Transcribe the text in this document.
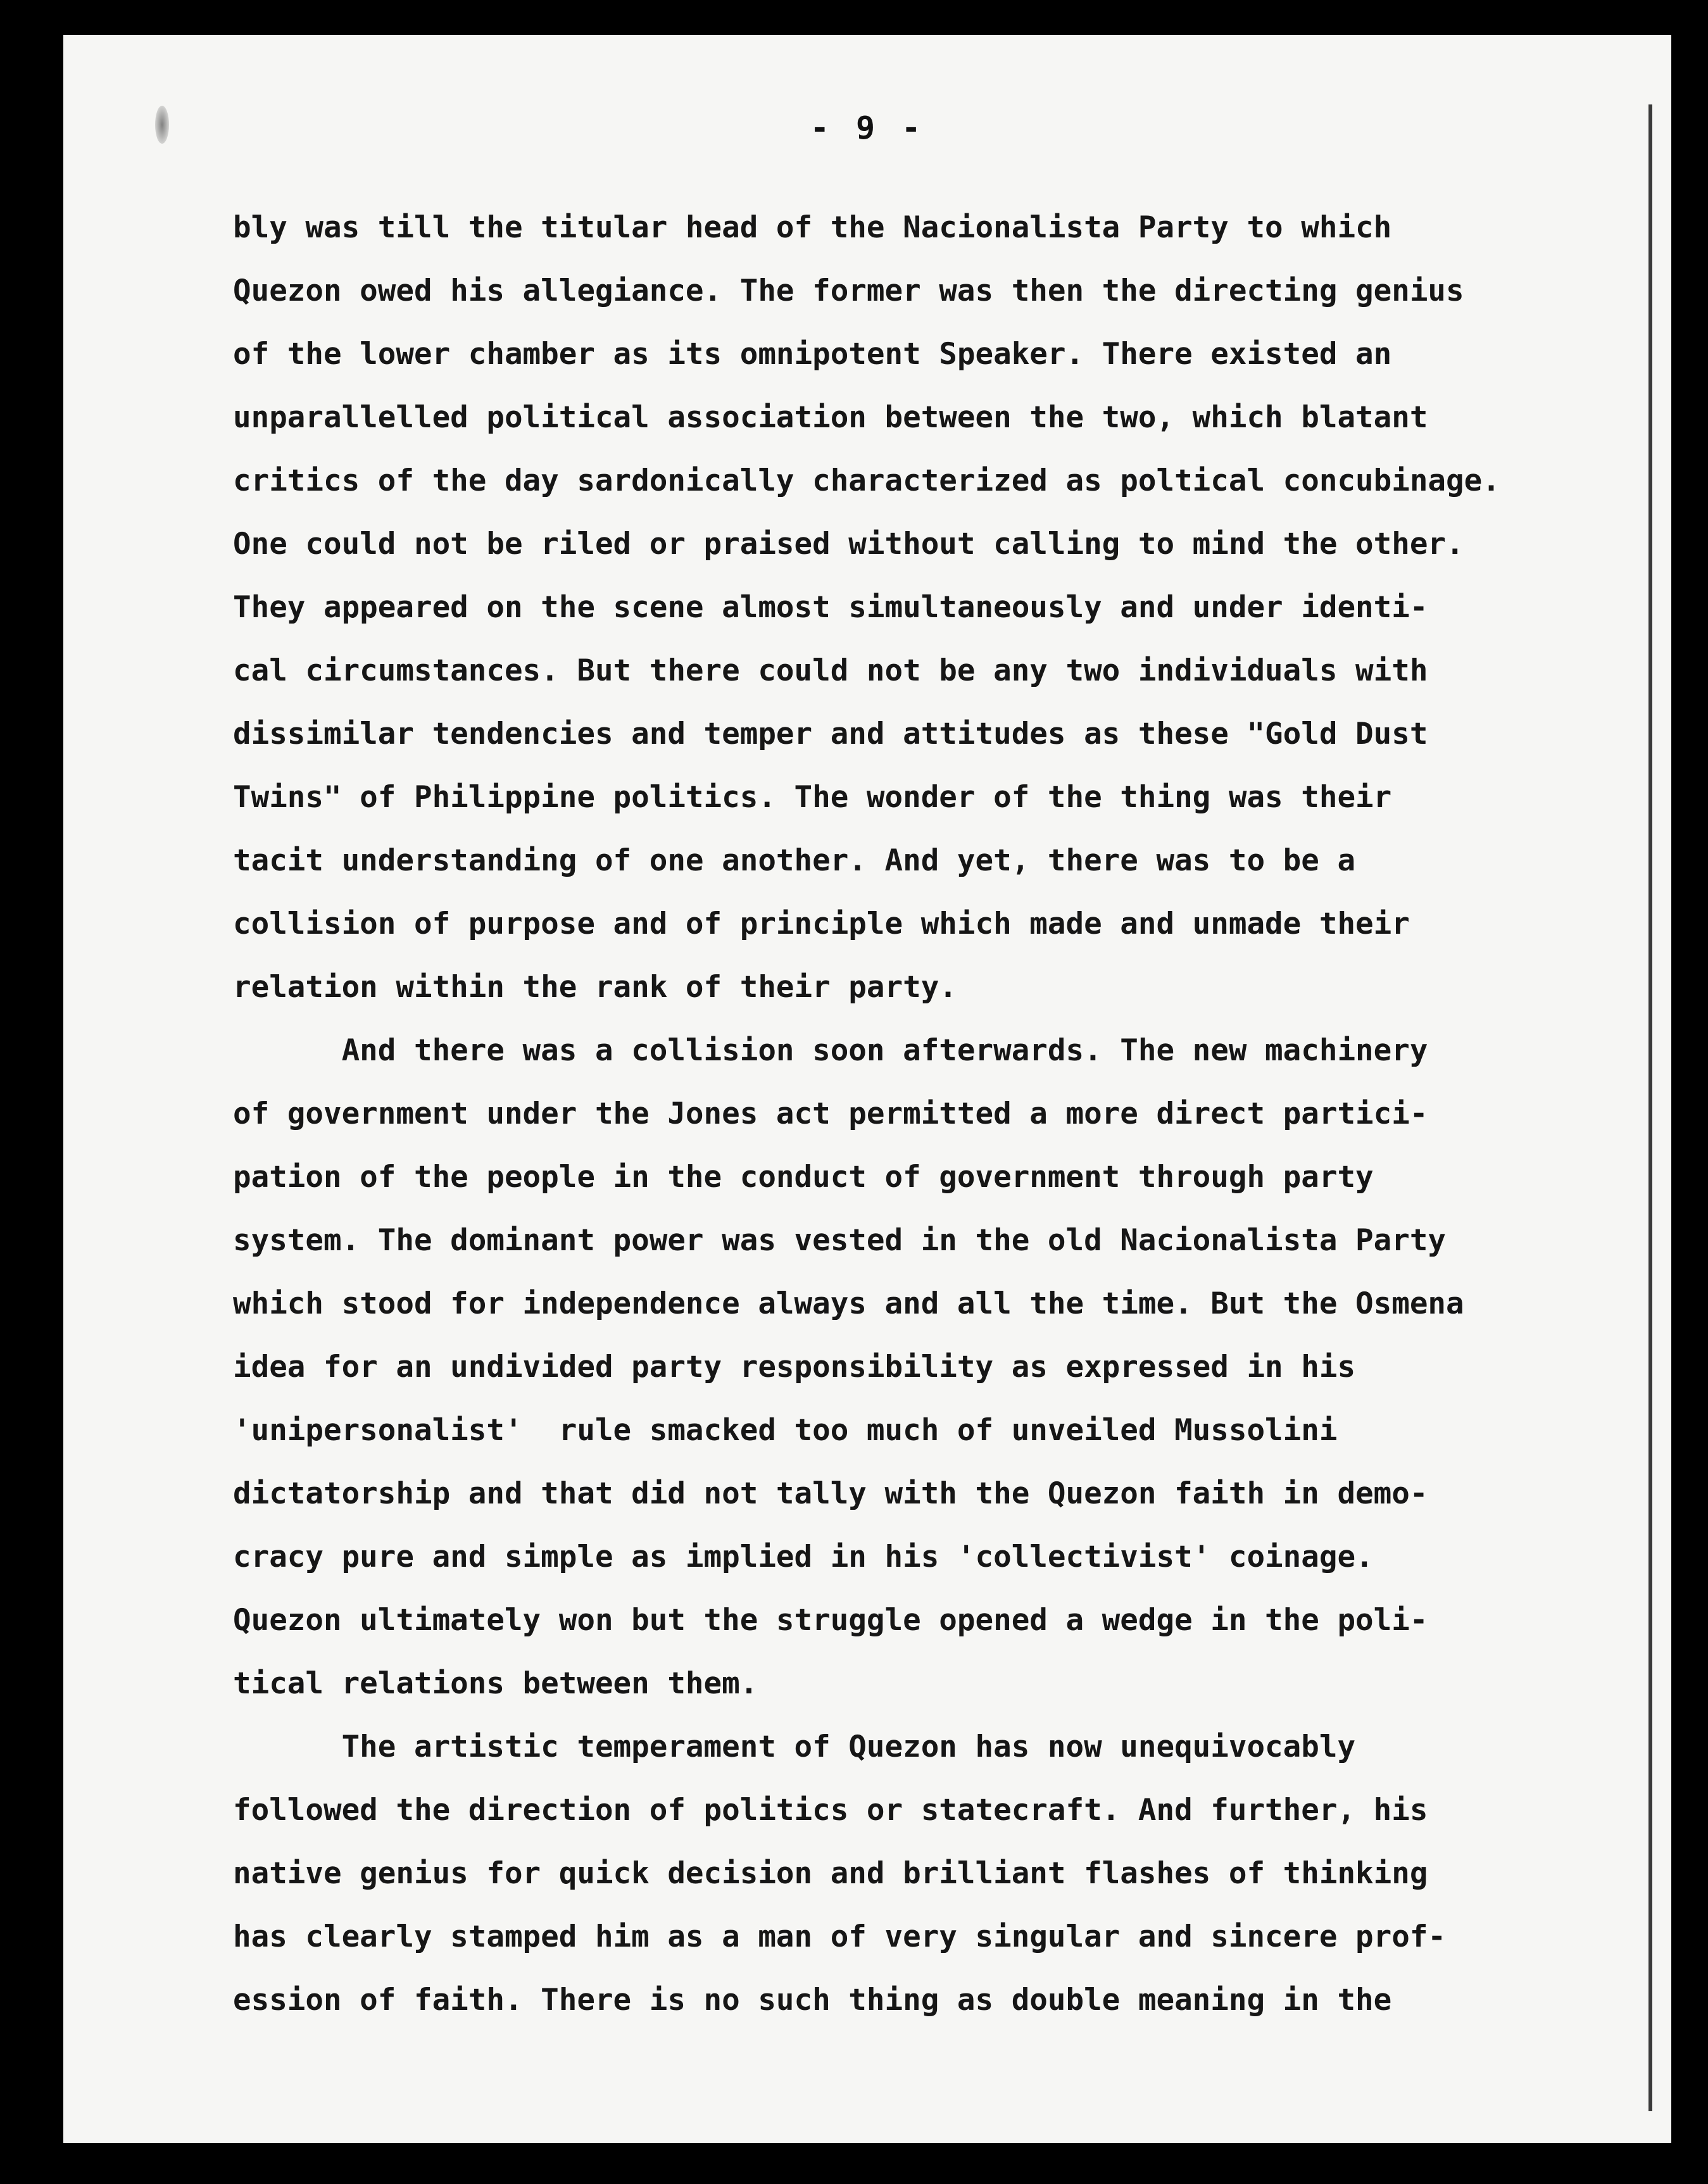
- 9 -
bly was till the titular head of the Nacionalista Party to which
Quezon owed his allegiance. The former was then the directing genius
of the lower chamber as its omnipotent Speaker. There existed an
unparallelled political association between the two, which blatant
critics of the day sardonically characterized as poltical concubinage.
One could not be riled or praised without calling to mind the other.
They appeared on the scene almost simultaneously and under identi-
cal circumstances. But there could not be any two individuals with
dissimilar tendencies and temper and attitudes as these "Gold Dust
Twins" of Philippine politics. The wonder of the thing was their
tacit understanding of one another. And yet, there was to be a
collision of purpose and of principle which made and unmade their
relation within the rank of their party.
And there was a collision soon afterwards. The new machinery
of government under the Jones act permitted a more direct partici-
pation of the people in the conduct of government through party
system. The dominant power was vested in the old Nacionalista Party
which stood for independence always and all the time. But the Osmena
idea for an undivided party responsibility as expressed in his
'unipersonalist'  rule smacked too much of unveiled Mussolini
dictatorship and that did not tally with the Quezon faith in demo-
cracy pure and simple as implied in his 'collectivist' coinage.
Quezon ultimately won but the struggle opened a wedge in the poli-
tical relations between them.
The artistic temperament of Quezon has now unequivocably
followed the direction of politics or statecraft. And further, his
native genius for quick decision and brilliant flashes of thinking
has clearly stamped him as a man of very singular and sincere prof-
ession of faith. There is no such thing as double meaning in the
